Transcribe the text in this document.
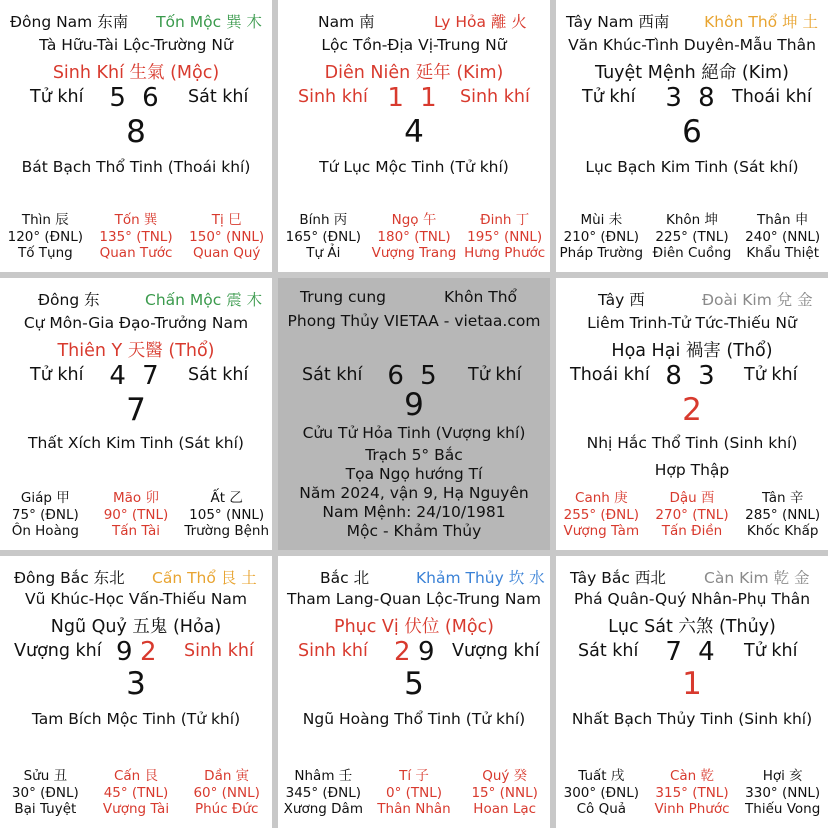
Đông Nam 东南 Tốn Mộc 巽 木
Tà Hữu-Tài Lộc-Trường Nữ
Sinh Khí 生氣 (Mộc)
Tử khí 5 6	Sát khí
8
Bát Bạch Thổ Tinh (Thoái khí)
Thìn 辰
120° (ĐNL)
Tố Tụng
Tốn 巽
135° (TNL)
Quan Tước
Tị 巳
150° (NNL)
Quan Quý
Nam 南	Ly Hỏa 離 火
Lộc Tồn-Địa Vị-Trung Nữ
Diên Niên 延年 (Kim)
Sinh khí 1 1	Sinh khí
4
Tứ Lục Mộc Tinh (Tử khí)
Bính 丙
165° (ĐNL)
Tự Ải
Ngọ 午
180° (TNL)
Vượng Trang
Đinh 丁
195° (NNL)
Hưng Phước
Tây Nam 西南 Khôn Thổ 坤 土
Văn Khúc-Tình Duyên-Mẫu Thân
Tuyệt Mệnh 絕命 (Kim)
Tử khí	3 8 Thoái khí
6
Lục Bạch Kim Tinh (Sát khí)
Mùi 未
210° (ĐNL)
Pháp Trường
Khôn 坤
225° (TNL)
Điên Cuồng
Thân 申
240° (NNL)
Khẩu Thiệt
Đông 东	Chấn Mộc 震 木
Cự Môn-Gia Đạo-Trưởng Nam
Thiên Y 天醫 (Thổ)
Tử khí 4 7	Sát khí
7
Thất Xích Kim Tinh (Sát khí)
Giáp 甲
75° (ĐNL)
Ôn Hoàng
Mão 卯
90° (TNL)
Tấn Tài
Ất 乙
105° (NNL)
Trường Bệnh
Trung cung	Khôn Thổ
Phong Thủy VIETAA - vietaa.com
Sát khí 6 5	Tử khí
9
Cửu Tử Hỏa Tinh (Vượng khí)
Trạch 5° Bắc
Tọa Ngọ hướng Tí
Năm 2024, vận 9, Hạ Nguyên
Nam Mệnh: 24/10/1981
Mộc - Khảm Thủy
Tây 西	Đoài Kim 兌 金
Liêm Trinh-Tử Tức-Thiếu Nữ
Họa Hại 禍害 (Thổ)
Thoái khí 8 3	Tử khí
2
Nhị Hắc Thổ Tinh (Sinh khí)
Hợp Thập
Canh 庚
255° (ĐNL)
Vượng Tàm
Dậu 酉
270° (TNL)
Tấn Điền
Tân 辛
285° (NNL)
Khốc Khấp
Đông Bắc 东北 Cấn Thổ 艮 土
Vũ Khúc-Học Vấn-Thiếu Nam
Ngũ Quỷ 五鬼 (Hỏa)
Vượng khí 9 2 Sinh khí
3
Tam Bích Mộc Tinh (Tử khí)
Sửu 丑
30° (ĐNL)
Bại Tuyệt
Cấn 艮
45° (TNL)
Vượng Tài
Dần 寅
60° (NNL)
Phúc Đức
Bắc 北	Khảm Thủy 坎 水
Tham Lang-Quan Lộc-Trung Nam
Phục Vị 伏位 (Mộc)
Sinh khí 2 9 Vượng khí
5
Ngũ Hoàng Thổ Tinh (Tử khí)
Nhâm 壬
345° (ĐNL)
Xương Dâm
Tí 子
0° (TNL)
Thân Nhân
Quý 癸
15° (NNL)
Hoan Lạc
Tây Bắc 西北 Càn Kim 乾 金
Phá Quân-Quý Nhân-Phụ Thân
Lục Sát 六煞 (Thủy)
Sát khí	7 4	Tử khí
1
Nhất Bạch Thủy Tinh (Sinh khí)
Tuất 戌
300° (ĐNL)
Cô Quả
Càn 乾
315° (TNL)
Vinh Phước
Hợi 亥
330° (NNL)
Thiếu Vong
